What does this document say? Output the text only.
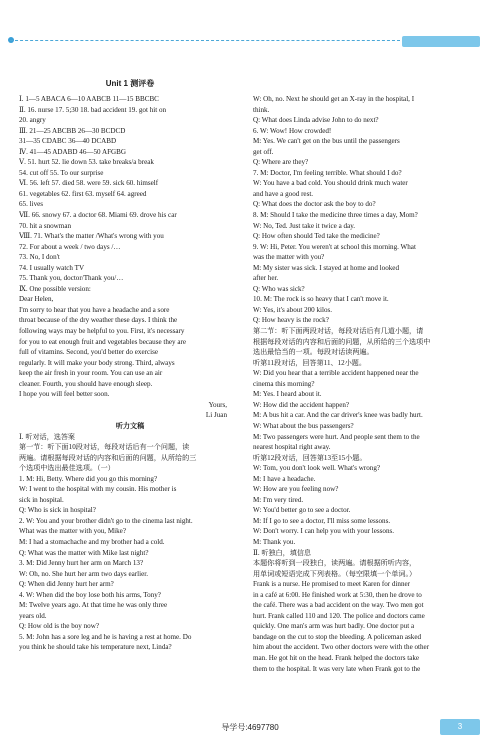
Unit 1 测评卷
Ⅰ. 1—5 ABACA 6—10 AABCB 11—15 BBCBC
Ⅱ. 16. nurse 17. 5;30 18. bad accident 19. got hit on
20. angry
Ⅲ. 21—25 ABCBB 26—30 BCDCD
31—35 CDABC 36—40 DCABD
Ⅳ. 41—45 ADABD 46—50 AFGBG
Ⅴ. 51. hurt 52. lie down 53. take breaks/a break
54. cut off 55. To our surprise
Ⅵ. 56. left 57. died 58. were 59. sick 60. himself
61. vegetables 62. first 63. myself 64. agreed
65. lives
Ⅶ. 66. snowy 67. a doctor 68. Miami 69. drove his car
70. hit a snowman
Ⅷ. 71. What's the matter /What's wrong with you
72. For about a week / two days /…
73. No, I don't
74. I usually watch TV
75. Thank you, doctor/Thank you/…
Ⅸ. One possible version:
Dear Helen,
I'm sorry to hear that you have a headache and a sore
throat because of the dry weather these days. I think the
following ways may be helpful to you. First, it's necessary
for you to eat enough fruit and vegetables because they are
full of vitamins. Second, you'd better do exercise
regularly. It will make your body strong. Third, always
keep the air fresh in your room. You can use an air
cleaner. Fourth, you should have enough sleep.
I hope you will feel better soon.
Yours,
Li Juan
听力文稿
Ⅰ. 听对话，选答案
第一节：听下面10段对话，每段对话后有一个问题，读
两遍。请根据每段对话的内容和后面的问题，从所给的三
个选项中选出最佳选项。（一）
1. M: Hi, Betty. Where did you go this morning?
W: I went to the hospital with my cousin. His mother is
sick in hospital.
Q: Who is sick in hospital?
2. W: You and your brother didn't go to the cinema last night.
What was the matter with you, Mike?
M: I had a stomachache and my brother had a cold.
Q: What was the matter with Mike last night?
3. M: Did Jenny hurt her arm on March 13?
W: Oh, no. She hurt her arm two days earlier.
Q: When did Jenny hurt her arm?
4. W: When did the boy lose both his arms, Tony?
M: Twelve years ago. At that time he was only three
years old.
Q: How old is the boy now?
5. M: John has a sore leg and he is having a rest at home. Do
you think he should take his temperature next, Linda?
W: Oh, no. Next he should get an X-ray in the hospital, I
think.
Q: What does Linda advise John to do next?
6. W: Wow! How crowded!
M: Yes. We can't get on the bus until the passengers
get off.
Q: Where are they?
7. M: Doctor, I'm feeling terrible. What should I do?
W: You have a bad cold. You should drink much water
and have a good rest.
Q: What does the doctor ask the boy to do?
8. M: Should I take the medicine three times a day, Mom?
W: No, Ted. Just take it twice a day.
Q: How often should Ted take the medicine?
9. W: Hi, Peter. You weren't at school this morning. What
was the matter with you?
M: My sister was sick. I stayed at home and looked
after her.
Q: Who was sick?
10. M: The rock is so heavy that I can't move it.
W: Yes, it's about 200 kilos.
Q: How heavy is the rock?
第二节：听下面两段对话，每段对话后有几道小题，请
根据每段对话的内容和后面的问题，从所给的三个选项中
选出最恰当的一项。每段对话读两遍。
听第11段对话，回答第11、12小题。
W: Did you hear that a terrible accident happened near the
cinema this morning?
M: Yes. I heard about it.
W: How did the accident happen?
M: A bus hit a car. And the car driver's knee was badly hurt.
W: What about the bus passengers?
M: Two passengers were hurt. And people sent them to the
nearest hospital right away.
听第12段对话，回答第13至15小题。
W: Tom, you don't look well. What's wrong?
M: I have a headache.
W: How are you feeling now?
M: I'm very tired.
W: You'd better go to see a doctor.
M: If I go to see a doctor, I'll miss some lessons.
W: Don't worry. I can help you with your lessons.
M: Thank you.
Ⅱ. 听独白，填信息
本题你将听到一段独白，读两遍。请根据所听内容，
用单词或短语完成下列表格。（每空限填一个单词。）
Frank is a nurse. He promised to meet Karen for dinner
in a café at 6:00. He finished work at 5:30, then he drove to
the café. There was a bad accident on the way. Two men got
hurt. Frank called 110 and 120. The police and doctors came
quickly. One man's arm was hurt badly. One doctor put a
bandage on the cut to stop the bleeding. A policeman asked
him about the accident. Two other doctors were with the other
man. He got hit on the head. Frank helped the doctors take
them to the hospital. It was very late when Frank got to the
导学号:4697780	3
